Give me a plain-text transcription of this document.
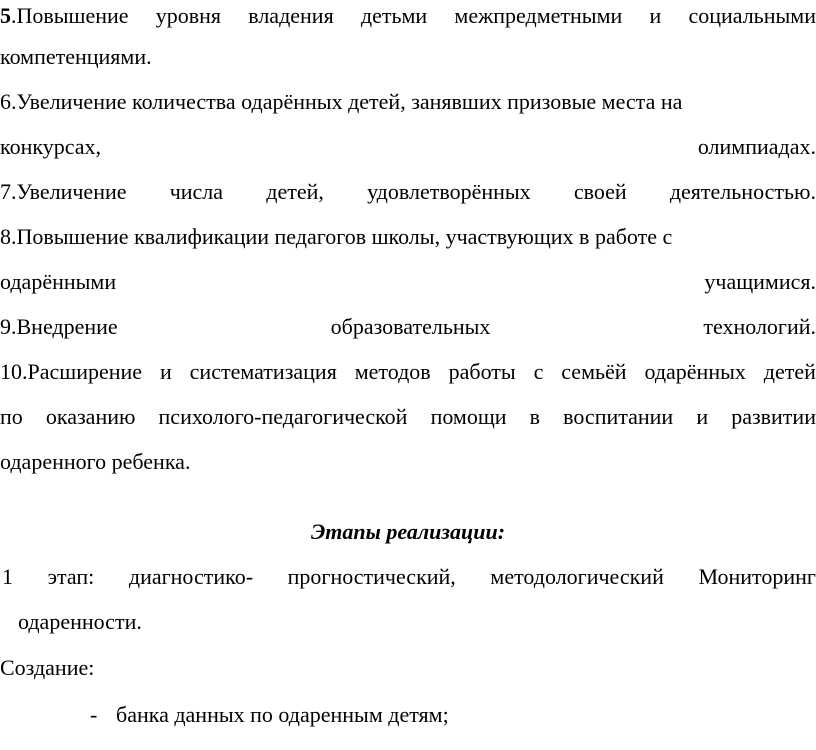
5.Повышение уровня владения детьми межпредметными и социальными
компетенциями.
6.Увеличение количества одарённых детей, занявших призовые места на
конкурсах,	олимпиадах.
7.Увеличение числа детей, удовлетворённых своей деятельностью.
8.Повышение квалификации педагогов школы, участвующих в работе с
одарёнными	учащимися.
9.Внедрение	образовательных	технологий.
10.Расширение и систематизация методов работы с семьёй одарённых детей
по оказанию психолого-педагогической помощи в воспитании и развитии
одаренного ребенка.
Этапы реализации:
1 этап: диагностико- прогностический, методологический Мониторинг
одаренности.
Создание:
- банка данных по одаренным детям;
